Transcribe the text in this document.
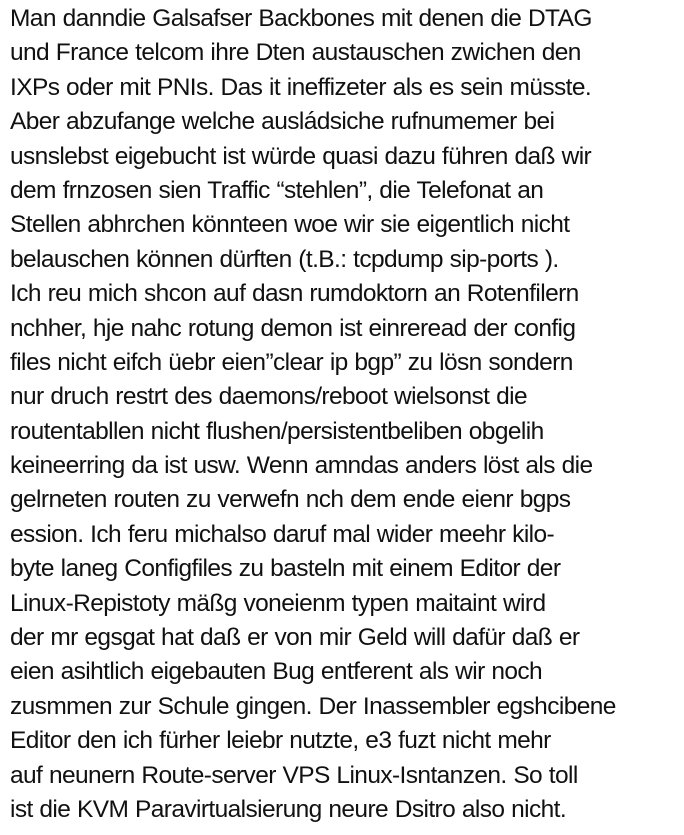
Man danndie Galsafser Backbones mit denen die DTAG
und France telcom ihre Dten austauschen zwichen den
IXPs oder mit PNIs. Das it ineffizeter als es sein müsste.
Aber abzufange welche ausládsiche rufnumemer bei
usnslebst eigebucht ist würde quasi dazu führen daß wir
dem frnzosen sien Traffic “stehlen”, die Telefonat an
Stellen abhrchen könnteen woe wir sie eigentlich nicht
belauschen können dürften (t.B.: tcpdump sip-ports ).
Ich reu mich shcon auf dasn rumdoktorn an Rotenfilern
nchher, hje nahc rotung demon ist einreread der config
files nicht eifch üebr eien”clear ip bgp” zu lösn sondern
nur druch restrt des daemons/reboot wielsonst die
routentabllen nicht flushen/persistentbeliben obgelih
keineerring da ist usw. Wenn amndas anders löst als die
gelrneten routen zu verwefn nch dem ende eienr bgps
ession. Ich feru michalso daruf mal wider meehr kilo-
byte laneg Configfiles zu basteln mit einem Editor der
Linux-Repistoty mäßg voneienm typen maitaint wird
der mr egsgat hat daß er von mir Geld will dafür daß er
eien asihtlich eigebauten Bug entferent als wir noch
zusmmen zur Schule gingen. Der Inassembler egshcibene
Editor den ich fürher leiebr nutzte, e3 fuzt nicht mehr
auf neunern Route-server VPS Linux-Isntanzen. So toll
ist die KVM Paravirtualsierung neure Dsitro also nicht.
